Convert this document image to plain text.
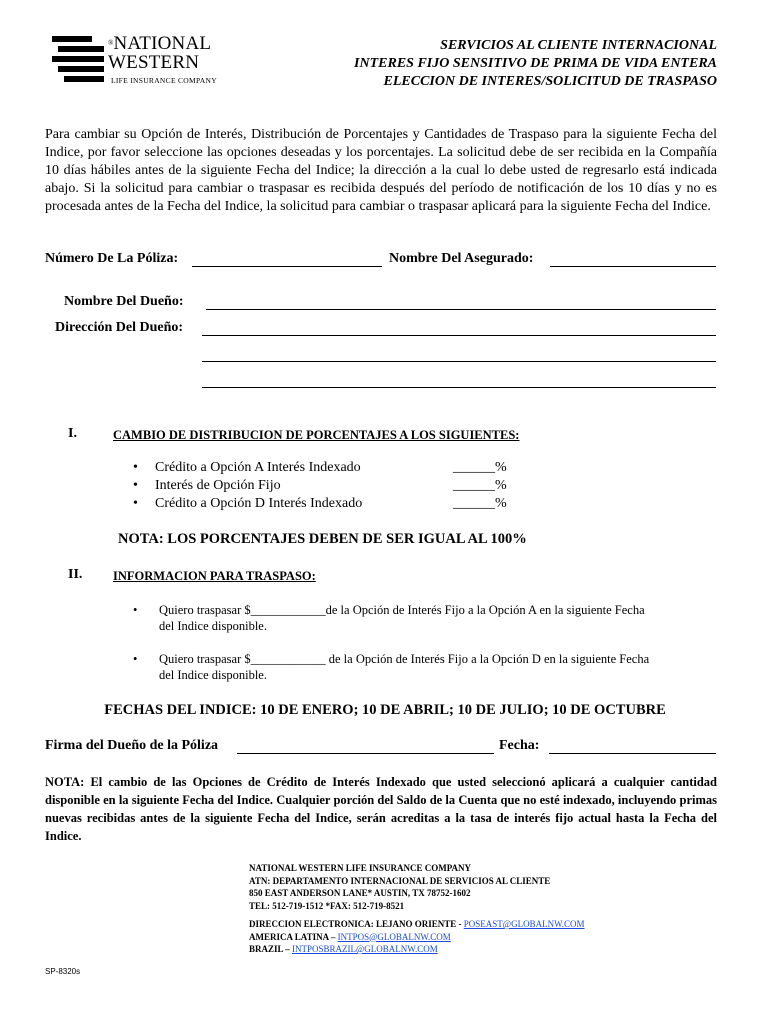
®NATIONAL
WESTERN
LIFE INSURANCE COMPANY
SERVICIOS AL CLIENTE INTERNACIONAL
INTERES FIJO SENSITIVO DE PRIMA DE VIDA ENTERA
ELECCION DE INTERES/SOLICITUD DE TRASPASO
Para cambiar su Opción de Interés, Distribución de Porcentajes y Cantidades de Traspaso para la siguiente Fecha del Indice, por favor seleccione las opciones deseadas y los porcentajes. La solicitud debe de ser recibida en la Compañía 10 días hábiles antes de la siguiente Fecha del Indice; la dirección a la cual lo debe usted de regresarlo está indicada abajo. Si la solicitud para cambiar o traspasar es recibida después del período de notificación de los 10 días y no es procesada antes de la Fecha del Indice, la solicitud para cambiar o traspasar aplicará para la siguiente Fecha del Indice.
Número De La Póliza:	Nombre Del Asegurado:
Nombre Del Dueño:
Dirección Del Dueño:
I.	CAMBIO DE DISTRIBUCION DE PORCENTAJES A LOS SIGUIENTES:
• Crédito a Opción A Interés Indexado	______%
• Interés de Opción Fijo	______%
• Crédito a Opción D Interés Indexado	______%
NOTA: LOS PORCENTAJES DEBEN DE SER IGUAL AL 100%
II. INFORMACION PARA TRASPASO:
• Quiero traspasar $____________de la Opción de Interés Fijo a la Opción A en la siguiente Fecha
del Indice disponible.
• Quiero traspasar $____________ de la Opción de Interés Fijo a la Opción D en la siguiente Fecha
del Indice disponible.
FECHAS DEL INDICE: 10 DE ENERO; 10 DE ABRIL; 10 DE JULIO; 10 DE OCTUBRE
Firma del Dueño de la Póliza	Fecha:
NOTA: El cambio de las Opciones de Crédito de Interés Indexado que usted seleccionó aplicará a cualquier cantidad disponible en la siguiente Fecha del Indice. Cualquier porción del Saldo de la Cuenta que no esté indexado, incluyendo primas nuevas recibidas antes de la siguiente Fecha del Indice, serán acreditas a la tasa de interés fijo actual hasta la Fecha del Indice.
NATIONAL WESTERN LIFE INSURANCE COMPANY
ATN: DEPARTAMENTO INTERNACIONAL DE SERVICIOS AL CLIENTE
850 EAST ANDERSON LANE* AUSTIN, TX 78752-1602
TEL: 512-719-1512 *FAX: 512-719-8521
DIRECCION ELECTRONICA: LEJANO ORIENTE - POSEAST@GLOBALNW.COM
AMERICA LATINA – INTPOS@GLOBALNW.COM
BRAZIL – INTPOSBRAZIL@GLOBALNW.COM
SP-8320s
